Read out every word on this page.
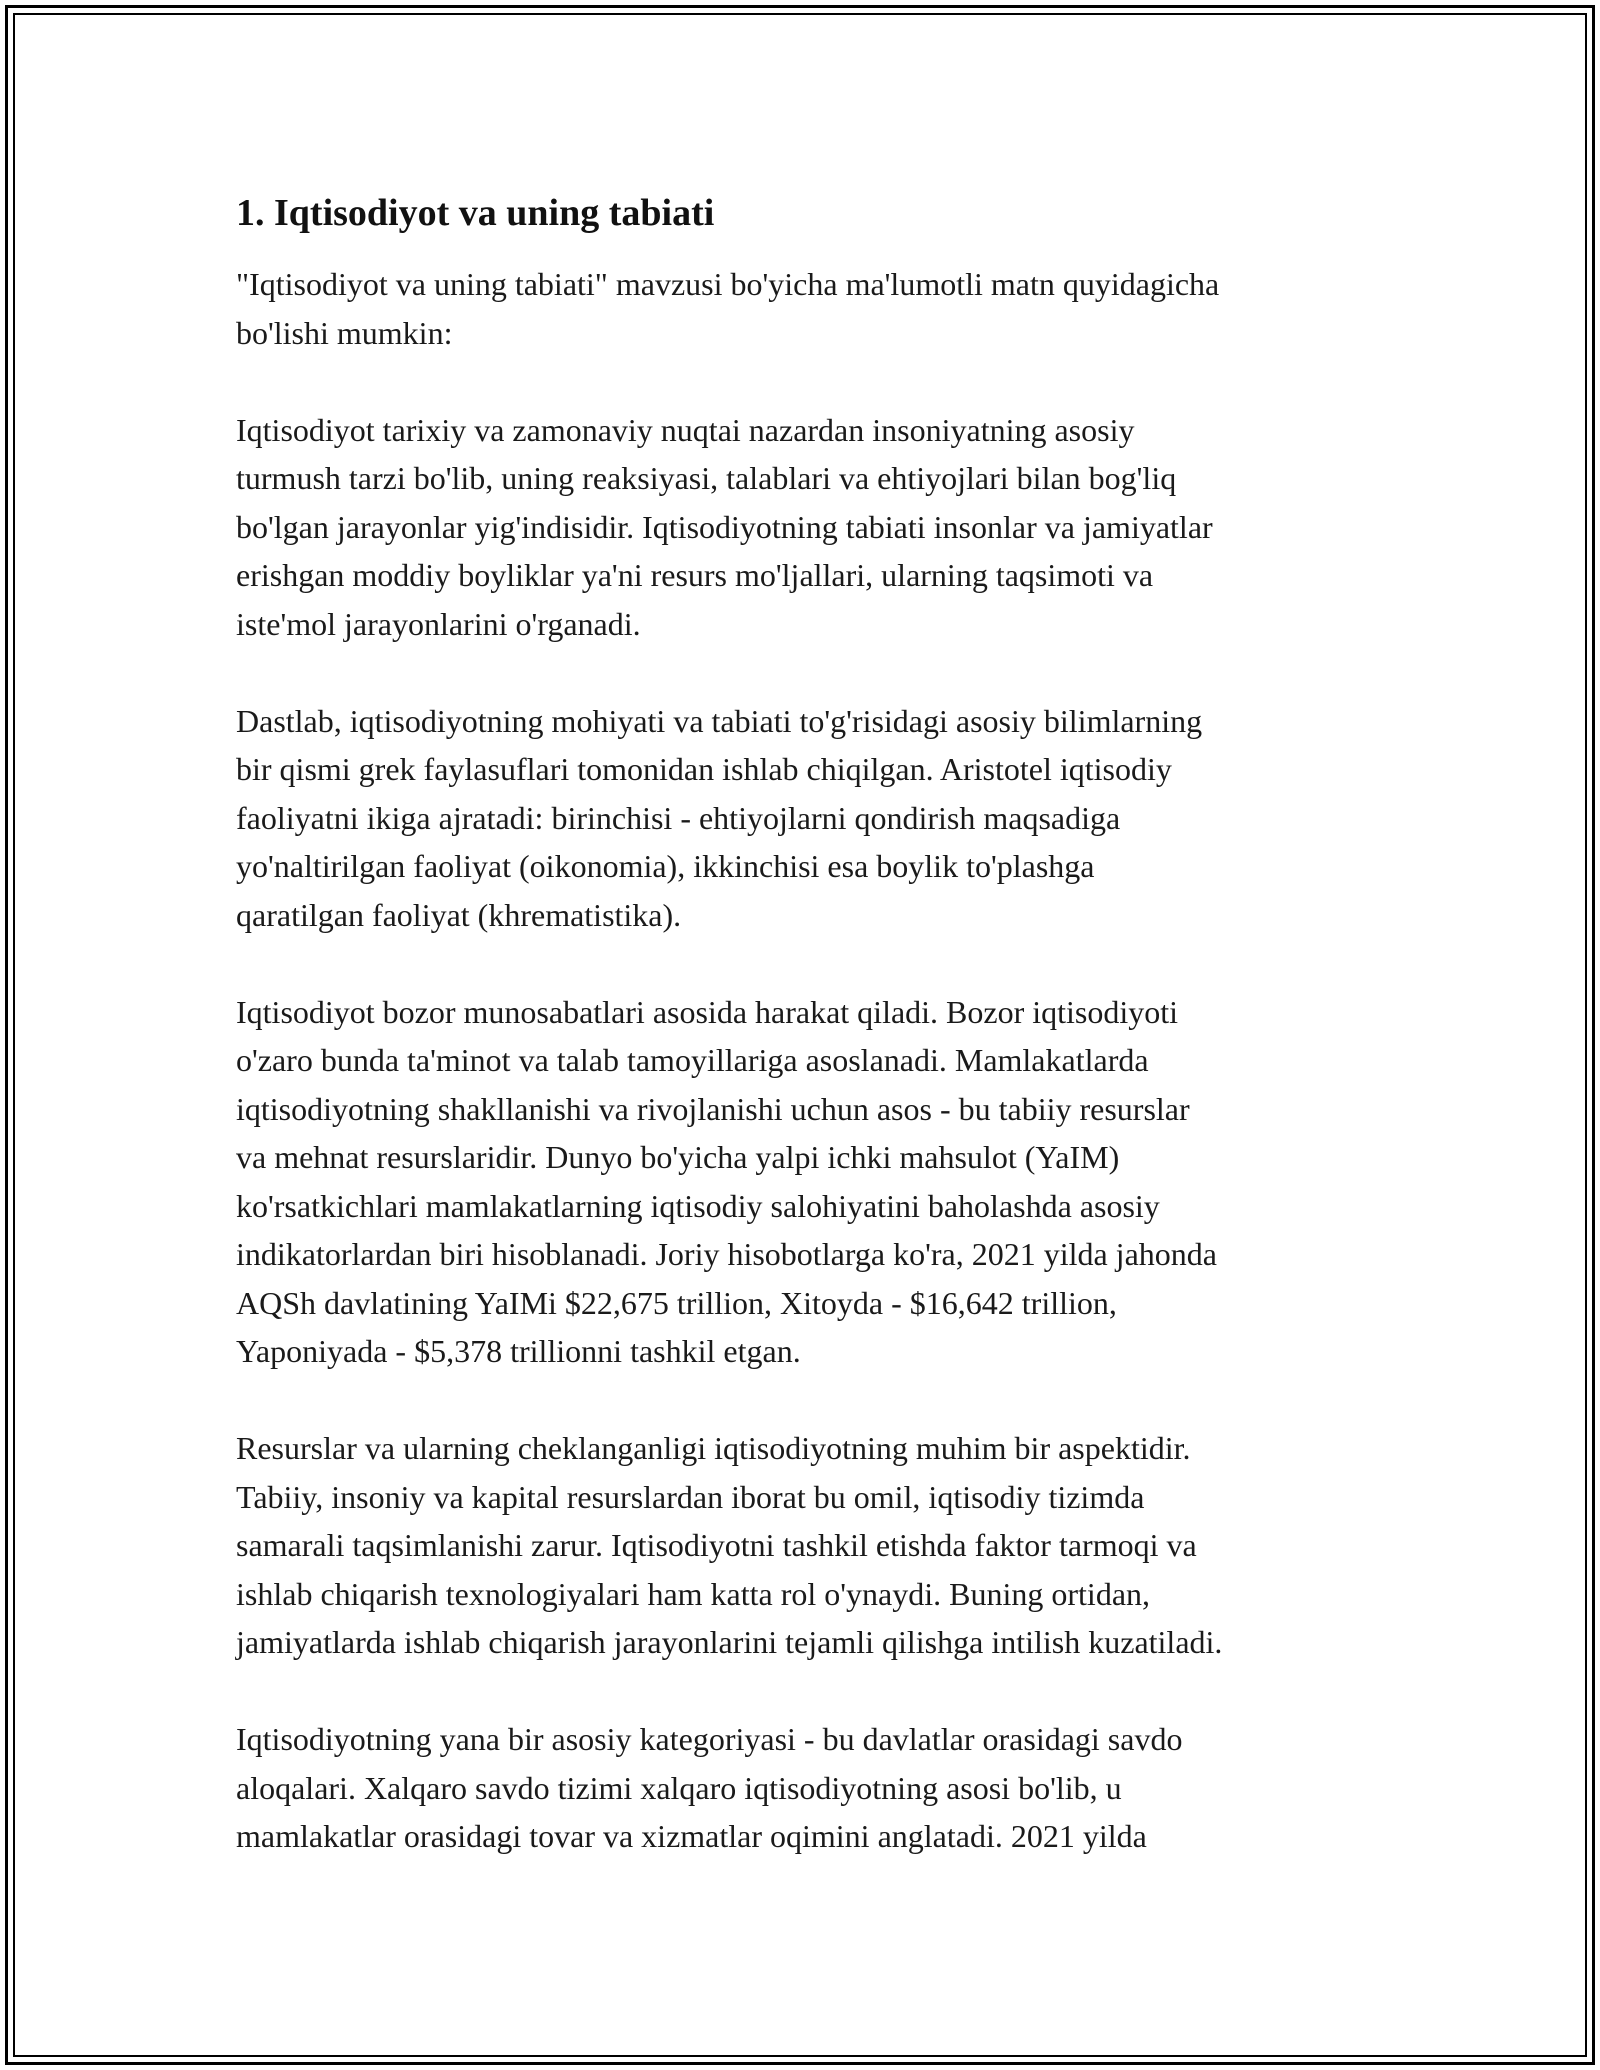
1. Iqtisodiyot va uning tabiati

"Iqtisodiyot va uning tabiati" mavzusi bo'yicha ma'lumotli matn quyidagicha
bo'lishi mumkin:

Iqtisodiyot tarixiy va zamonaviy nuqtai nazardan insoniyatning asosiy
turmush tarzi bo'lib, uning reaksiyasi, talablari va ehtiyojlari bilan bog'liq
bo'lgan jarayonlar yig'indisidir. Iqtisodiyotning tabiati insonlar va jamiyatlar
erishgan moddiy boyliklar ya'ni resurs mo'ljallari, ularning taqsimoti va
iste'mol jarayonlarini o'rganadi.

Dastlab, iqtisodiyotning mohiyati va tabiati to'g'risidagi asosiy bilimlarning
bir qismi grek faylasuflari tomonidan ishlab chiqilgan. Aristotel iqtisodiy
faoliyatni ikiga ajratadi: birinchisi - ehtiyojlarni qondirish maqsadiga
yo'naltirilgan faoliyat (oikonomia), ikkinchisi esa boylik to'plashga
qaratilgan faoliyat (khrematistika).

Iqtisodiyot bozor munosabatlari asosida harakat qiladi. Bozor iqtisodiyoti
o'zaro bunda ta'minot va talab tamoyillariga asoslanadi. Mamlakatlarda
iqtisodiyotning shakllanishi va rivojlanishi uchun asos - bu tabiiy resurslar
va mehnat resurslaridir. Dunyo bo'yicha yalpi ichki mahsulot (YaIM)
ko'rsatkichlari mamlakatlarning iqtisodiy salohiyatini baholashda asosiy
indikatorlardan biri hisoblanadi. Joriy hisobotlarga ko'ra, 2021 yilda jahonda
AQSh davlatining YaIMi $22,675 trillion, Xitoyda - $16,642 trillion,
Yaponiyada - $5,378 trillionni tashkil etgan.

Resurslar va ularning cheklanganligi iqtisodiyotning muhim bir aspektidir.
Tabiiy, insoniy va kapital resurslardan iborat bu omil, iqtisodiy tizimda
samarali taqsimlanishi zarur. Iqtisodiyotni tashkil etishda faktor tarmoqi va
ishlab chiqarish texnologiyalari ham katta rol o'ynaydi. Buning ortidan,
jamiyatlarda ishlab chiqarish jarayonlarini tejamli qilishga intilish kuzatiladi.

Iqtisodiyotning yana bir asosiy kategoriyasi - bu davlatlar orasidagi savdo
aloqalari. Xalqaro savdo tizimi xalqaro iqtisodiyotning asosi bo'lib, u
mamlakatlar orasidagi tovar va xizmatlar oqimini anglatadi. 2021 yilda
